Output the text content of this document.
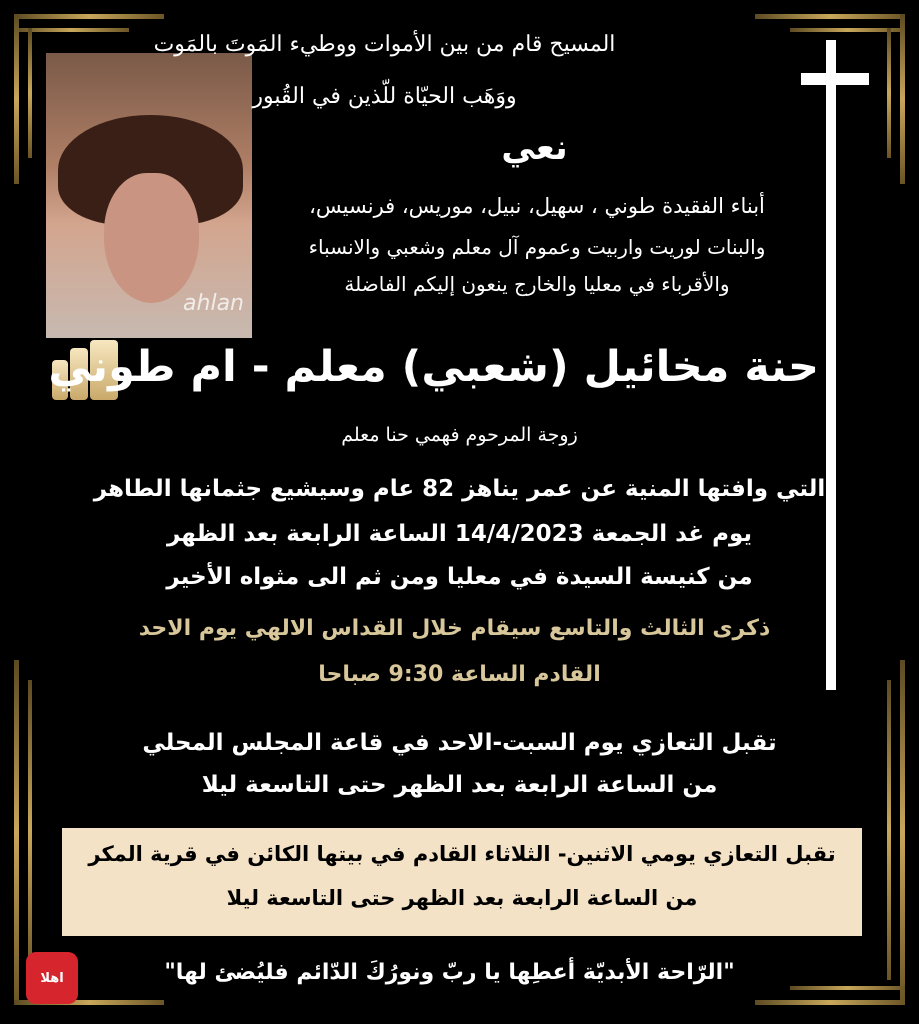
ahlan
المسيح قام من بين الأموات ووطيء المَوتَ بالمَوت
ووَهَب الحيّاة للّذين في القُبور
نعي
أبناء الفقيدة طوني ، سهيل، نبيل، موريس، فرنسيس،
والبنات لوريت واربيت وعموم آل معلم وشعبي والانسباء
والأقرباء في معليا والخارج ينعون إليكم الفاضلة
حنة مخائيل (شعبي) معلم - ام طوني
زوجة المرحوم فهمي حنا معلم
التي وافتها المنية عن عمر يناهز 82 عام وسيشيع جثمانها الطاهر
يوم غد الجمعة 14/4/2023 الساعة الرابعة بعد الظهر
من كنيسة السيدة في معليا ومن ثم الى مثواه الأخير
ذكرى الثالث والتاسع سيقام خلال القداس الالهي يوم الاحد
القادم الساعة 9:30 صباحا
تقبل التعازي يوم السبت-الاحد في قاعة المجلس المحلي
من الساعة الرابعة بعد الظهر حتى التاسعة ليلا
تقبل التعازي يومي الاثنين- الثلاثاء القادم في بيتها الكائن في قرية المكر
من الساعة الرابعة بعد الظهر حتى التاسعة ليلا
"الرّاحة الأبديّة أعطِها يا ربّ ونورُكَ الدّائم فليُضئ لها"
اهلا
